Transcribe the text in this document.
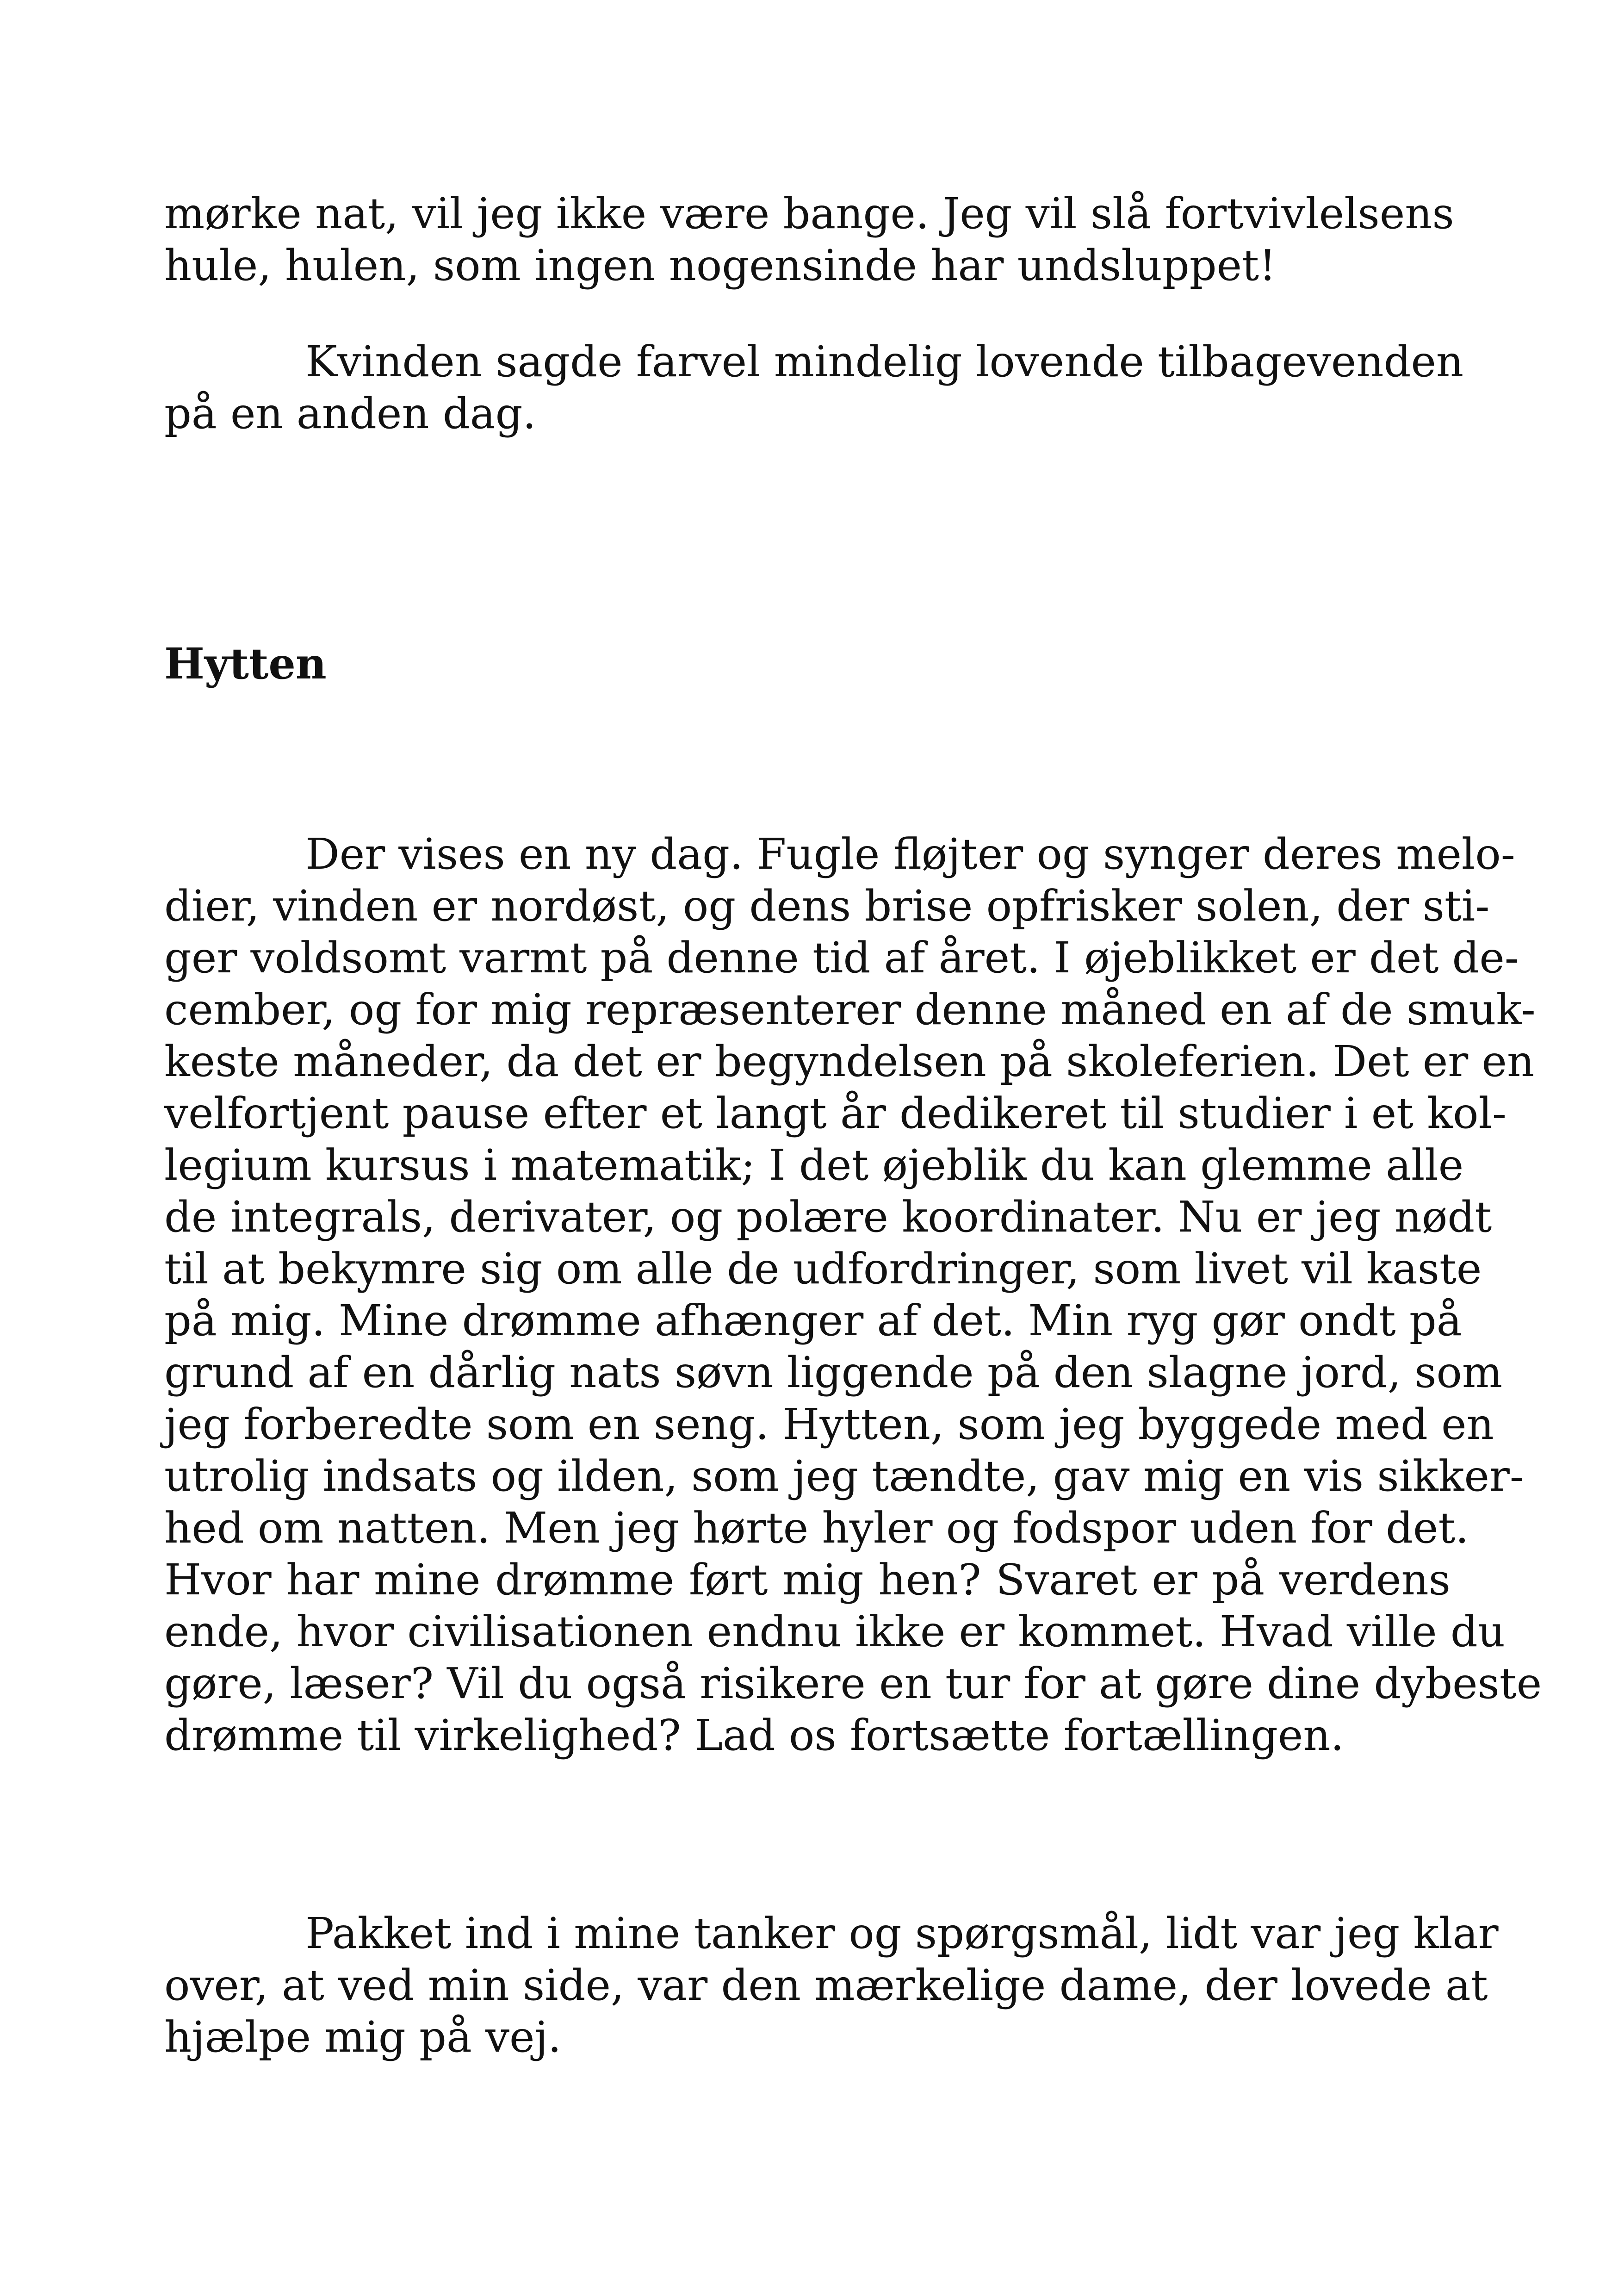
mørke nat, vil jeg ikke være bange. Jeg vil slå fortvivlelsens
hule, hulen, som ingen nogensinde har undsluppet!
Kvinden sagde farvel mindelig lovende tilbagevenden
på en anden dag.
Hytten
Der vises en ny dag. Fugle fløjter og synger deres melo-
dier, vinden er nordøst, og dens brise opfrisker solen, der sti-
ger voldsomt varmt på denne tid af året. I øjeblikket er det de-
cember, og for mig repræsenterer denne måned en af de smuk-
keste måneder, da det er begyndelsen på skoleferien. Det er en
velfortjent pause efter et langt år dedikeret til studier i et kol-
legium kursus i matematik; I det øjeblik du kan glemme alle
de integrals, derivater, og polære koordinater. Nu er jeg nødt
til at bekymre sig om alle de udfordringer, som livet vil kaste
på mig. Mine drømme afhænger af det. Min ryg gør ondt på
grund af en dårlig nats søvn liggende på den slagne jord, som
jeg forberedte som en seng. Hytten, som jeg byggede med en
utrolig indsats og ilden, som jeg tændte, gav mig en vis sikker-
hed om natten. Men jeg hørte hyler og fodspor uden for det.
Hvor har mine drømme ført mig hen? Svaret er på verdens
ende, hvor civilisationen endnu ikke er kommet. Hvad ville du
gøre, læser? Vil du også risikere en tur for at gøre dine dybeste
drømme til virkelighed? Lad os fortsætte fortællingen.
Pakket ind i mine tanker og spørgsmål, lidt var jeg klar
over, at ved min side, var den mærkelige dame, der lovede at
hjælpe mig på vej.
